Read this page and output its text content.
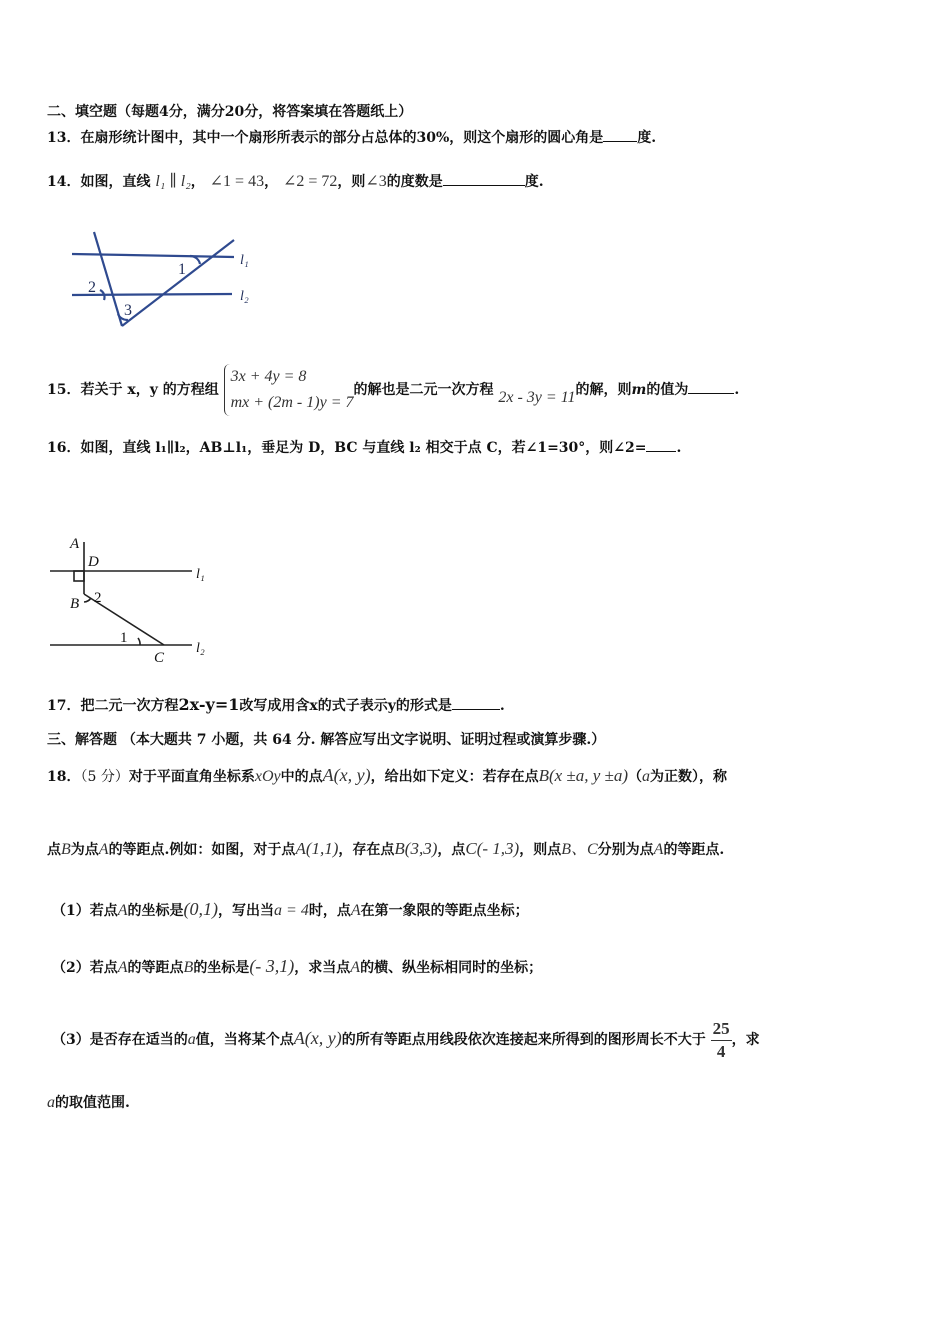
二、填空题（每题4分，满分20分，将答案填在答题纸上）
13．在扇形统计图中，其中一个扇形所表示的部分占总体的30%，则这个扇形的圆心角是 度.
14．如图，直线 l₁ ∥ l₂， ∠1 = 43， ∠2 = 72，则∠3的度数是	度.
1
2
3
l₁
l₂
15．若关于 x，y 的方程组
3x + 4y = 8
mx + (2m - 1)y = 7
的解也是二元一次方程 2x - 3y = 11的解，则m的值为	.
16．如图，直线 l₁∥l₂，AB⊥l₁，垂足为 D，BC 与直线 l₂ 相交于点 C，若∠1=30°，则∠2= .
A
D
B
C
l₁
l₂
2
1
17．把二元一次方程2x-y=1改写成用含x的式子表示y的形式是	.
三、解答题 （本大题共 7 小题，共 64 分. 解答应写出文字说明、证明过程或演算步骤.）
18．（5 分）对于平面直角坐标系xOy中的点A(x, y)，给出如下定义：若存在点B(x ±a, y ±a)（a为正数），称
点B为点A的等距点.例如：如图，对于点A(1,1)，存在点B(3,3)，点C(- 1,3)，则点B、C分别为点A的等距点.
（1）若点A的坐标是(0,1)，写出当a = 4时，点A在第一象限的等距点坐标；
（2）若点A的等距点B的坐标是(- 3,1)，求当点A的横、纵坐标相同时的坐标；
（3）是否存在适当的a值，当将某个点A(x, y)的所有等距点用线段依次连接起来所得到的图形周长不大于 $\frac{25}{4}$ ，求
a的取值范围.
